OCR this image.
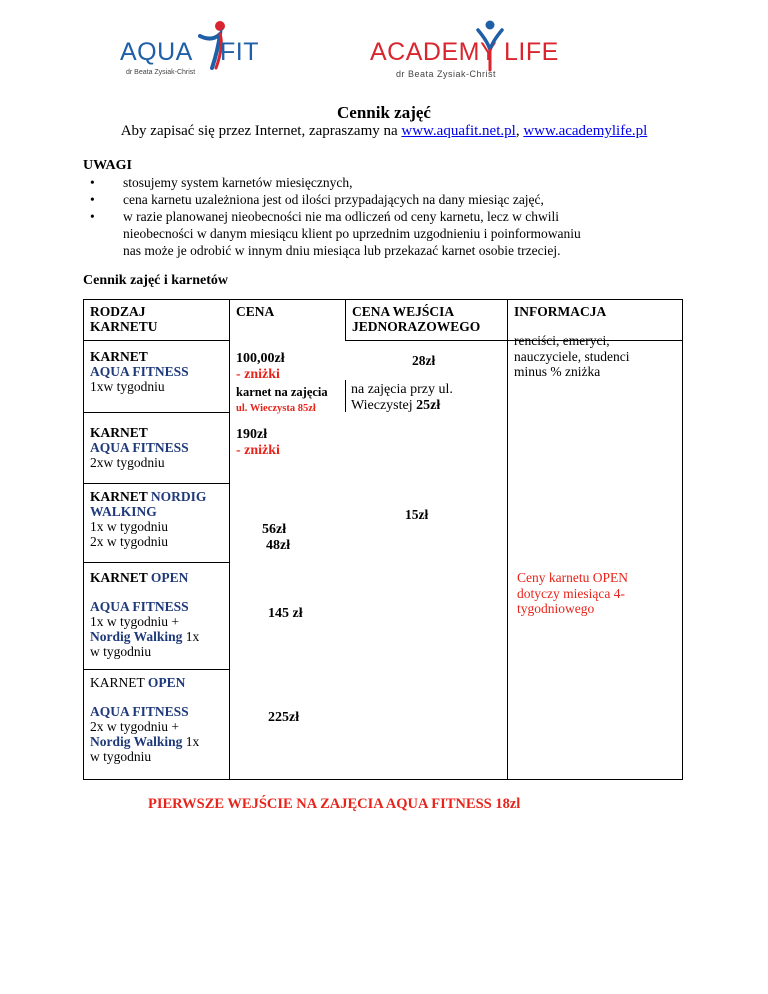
AQUA FIT
dr Beata Zysiak-Christ
ACADEMY LIFE
dr Beata Zysiak-Christ
Cennik zajęć
Aby zapisać się przez Internet, zapraszamy na www.aquafit.net.pl, www.academylife.pl
UWAGI
• stosujemy system karnetów miesięcznych,
• cena karnetu uzależniona jest od ilości przypadających na dany miesiąc zajęć,
• w razie planowanej nieobecności nie ma odliczeń od ceny karnetu, lecz w chwili
nieobecności w danym miesiącu klient po uprzednim uzgodnieniu i poinformowaniu
nas może je odrobić w innym dniu miesiąca lub przekazać karnet osobie trzeciej.
Cennik zajęć i karnetów
RODZAJ
KARNETU
CENA	CENA WEJŚCIA
JEDNORAZOWEGO
INFORMACJA
KARNET
AQUA FITNESS
1xw tygodniu
100,00zł
- zniżki
karnet na zajęcia
ul. Wieczysta 85zł
28zł
na zajęcia przy ul.
Wieczystej 25zł
renciści, emeryci,
nauczyciele, studenci
minus % zniżka
KARNET
AQUA FITNESS
2xw tygodniu
190zł
- zniżki
KARNET NORDIG
WALKING
1x w tygodniu
2x w tygodniu
56zł
48zł
15zł
KARNET OPEN
AQUA FITNESS
1x w tygodniu +
Nordig Walking 1x
w tygodniu
145 zł
Ceny karnetu OPEN
dotyczy miesiąca 4-
tygodniowego
KARNET OPEN
AQUA FITNESS
2x w tygodniu +
Nordig Walking 1x
w tygodniu
225zł
PIERWSZE WEJŚCIE NA ZAJĘCIA AQUA FITNESS 18zl
